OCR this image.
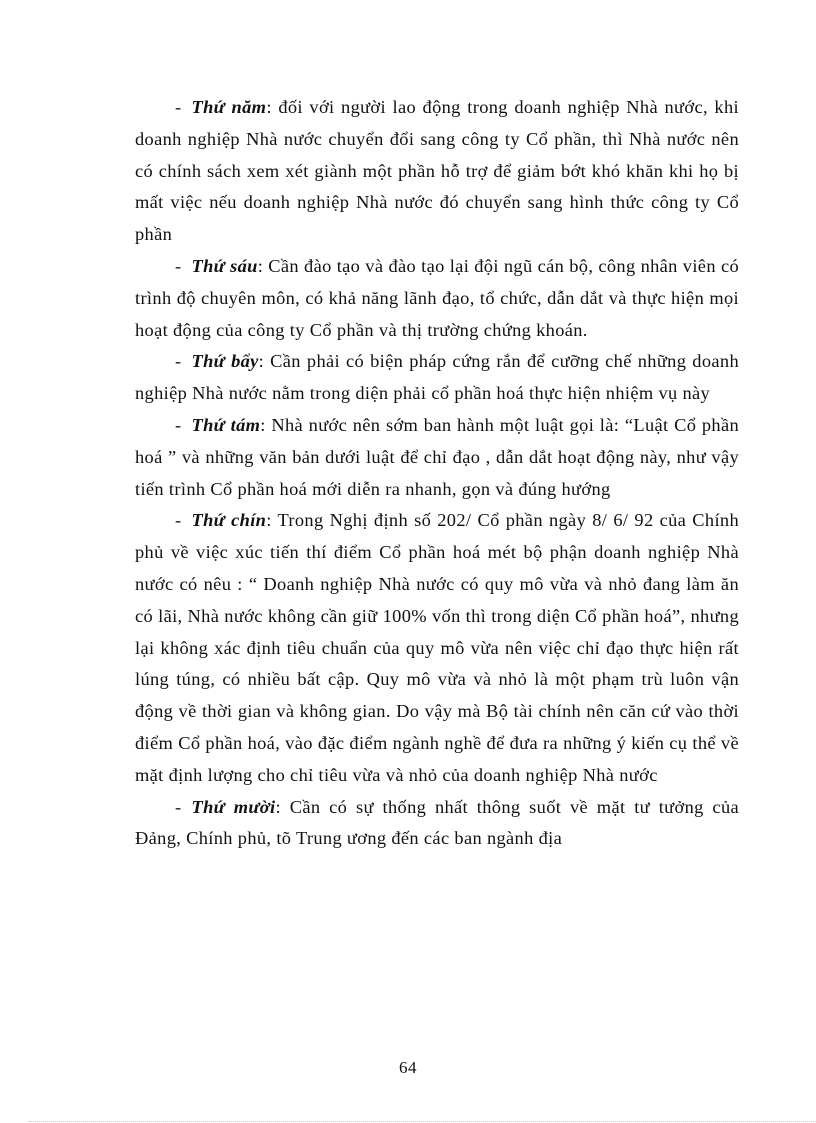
- Thứ năm: đối với người lao động trong doanh nghiệp Nhà nước, khi doanh nghiệp Nhà nước chuyển đổi sang công ty Cổ phần, thì Nhà nước nên có chính sách xem xét giành một phần hỗ trợ để giảm bớt khó khăn khi họ bị mất việc nếu doanh nghiệp Nhà nước đó chuyển sang hình thức công ty Cổ phần

- Thứ sáu: Cần đào tạo và đào tạo lại đội ngũ cán bộ, công nhân viên có trình độ chuyên môn, có khả năng lãnh đạo, tổ chức, dẫn dắt và thực hiện mọi hoạt động của công ty Cổ phần và thị trường chứng khoán.

- Thứ bẩy: Cần phải có biện pháp cứng rắn để cưỡng chế những doanh nghiệp Nhà nước nằm trong diện phải cổ phần hoá thực hiện nhiệm vụ này

- Thứ tám: Nhà nước nên sớm ban hành một luật gọi là: “Luật Cổ phần hoá ” và những văn bản dưới luật để chỉ đạo , dẫn dắt hoạt động này, như vậy tiến trình Cổ phần hoá mới diễn ra nhanh, gọn và đúng hướng

- Thứ chín: Trong Nghị định số 202/ Cổ phần ngày 8/ 6/ 92 của Chính phủ về việc xúc tiến thí điểm Cổ phần hoá mét bộ phận doanh nghiệp Nhà nước có nêu : “ Doanh nghiệp Nhà nước có quy mô vừa và nhỏ đang làm ăn có lãi, Nhà nước không cần giữ 100% vốn thì trong diện Cổ phần hoá”, nhưng lại không xác định tiêu chuẩn của quy mô vừa nên việc chỉ đạo thực hiện rất lúng túng, có nhiều bất cập. Quy mô vừa và nhỏ là một phạm trù luôn vận động về thời gian và không gian. Do vậy mà Bộ tài chính nên căn cứ vào thời điểm Cổ phần hoá, vào đặc điểm ngành nghề để đưa ra những ý kiến cụ thể về mặt định lượng cho chỉ tiêu vừa và nhỏ của doanh nghiệp Nhà nước

- Thứ mười: Cần có sự thống nhất thông suốt về mặt tư tưởng của Đảng, Chính phủ, tõ Trung ương đến các ban ngành địa

64
